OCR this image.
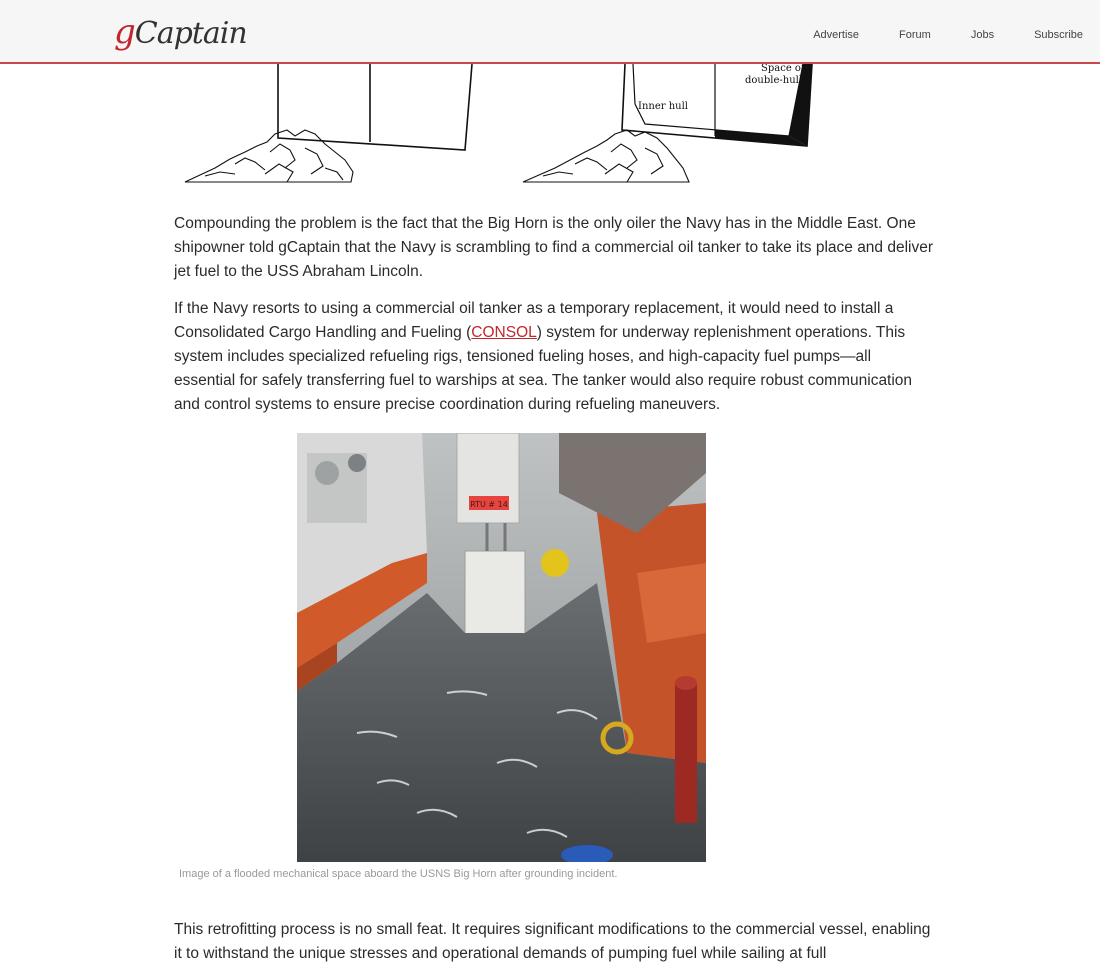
gCaptain	Advertise	Forum	Jobs	Subscribe
Space of
double-hull
Inner hull

Compounding the problem is the fact that the Big Horn is the only oiler the Navy has in the Middle East. One shipowner told gCaptain that the Navy is scrambling to find a commercial oil tanker to take its place and deliver jet fuel to the USS Abraham Lincoln.

If the Navy resorts to using a commercial oil tanker as a temporary replacement, it would need to install a Consolidated Cargo Handling and Fueling (CONSOL) system for underway replenishment operations. This system includes specialized refueling rigs, tensioned fueling hoses, and high-capacity fuel pumps—all essential for safely transferring fuel to warships at sea. The tanker would also require robust communication and control systems to ensure precise coordination during refueling maneuvers.

RTU # 14
Image of a flooded mechanical space aboard the USNS Big Horn after grounding incident.

This retrofitting process is no small feat. It requires significant modifications to the commercial vessel, enabling it to withstand the unique stresses and operational demands of pumping fuel while sailing at full
